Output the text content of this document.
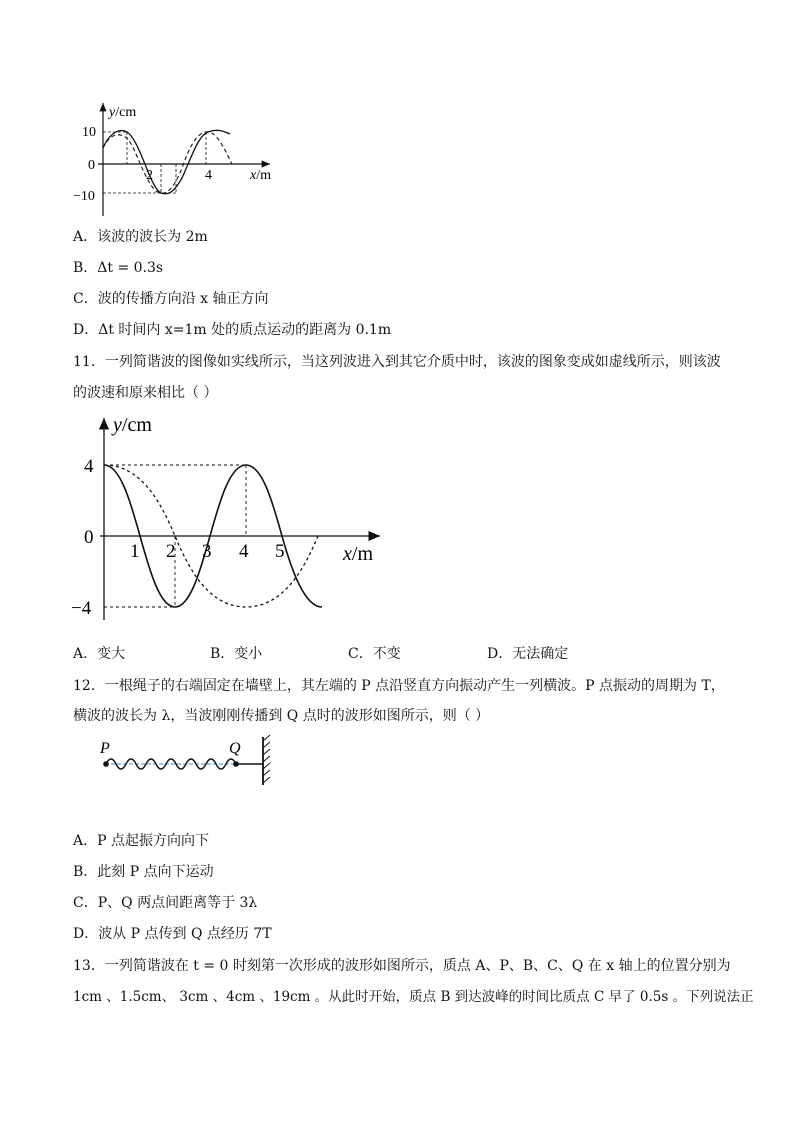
y/cm
x/m
10
0
−10
2	4
A．该波的波长为 2m
B．Δt = 0.3s
C．波的传播方向沿 x 轴正方向
D．Δt 时间内 x=1m 处的质点运动的距离为 0.1m
11．一列简谐波的图像如实线所示，当这列波进入到其它介质中时，该波的图象变成如虚线所示，则该波
的波速和原来相比（ ）
y/cm
x/m
4
0
−4
1 2 3 4 5
A．变大	B．变小	C．不变	D．无法确定
12．一根绳子的右端固定在墙壁上，其左端的 P 点沿竖直方向振动产生一列横波。P 点振动的周期为 T，
横波的波长为 λ，当波刚刚传播到 Q 点时的波形如图所示，则（ ）
P	Q
A．P 点起振方向向下
B．此刻 P 点向下运动
C．P、Q 两点间距离等于 3λ
D．波从 P 点传到 Q 点经历 7T
13．一列简谐波在 t = 0 时刻第一次形成的波形如图所示，质点 A、P、B、C、Q 在 x 轴上的位置分别为
1cm 、1.5cm、 3cm 、4cm 、19cm 。从此时开始，质点 B 到达波峰的时间比质点 C 早了 0.5s 。下列说法正
